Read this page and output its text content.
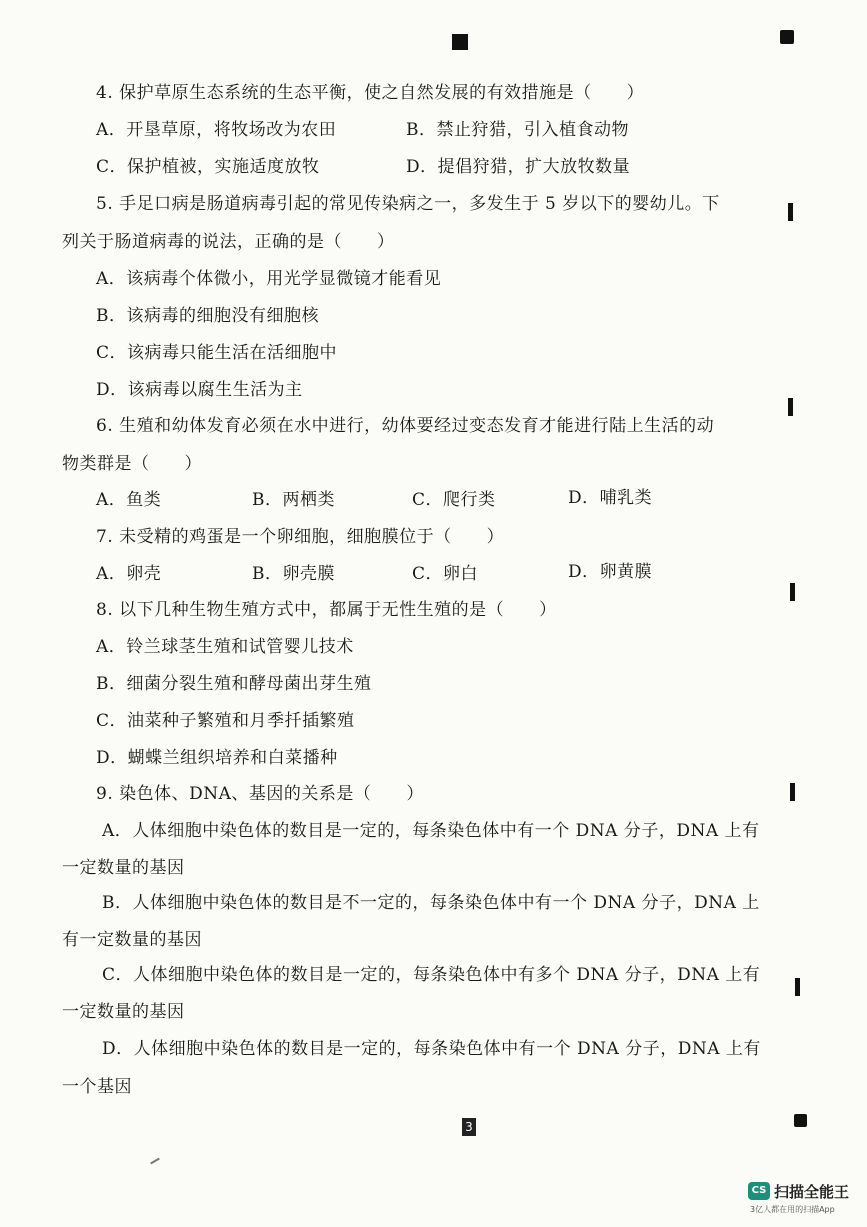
4. 保护草原生态系统的生态平衡，使之自然发展的有效措施是（　　）
A．开垦草原，将牧场改为农田	B．禁止狩猎，引入植食动物
C．保护植被，实施适度放牧	D．提倡狩猎，扩大放牧数量
5. 手足口病是肠道病毒引起的常见传染病之一，多发生于 5 岁以下的婴幼儿。下
列关于肠道病毒的说法，正确的是（　　）
A．该病毒个体微小，用光学显微镜才能看见
B．该病毒的细胞没有细胞核
C．该病毒只能生活在活细胞中
D．该病毒以腐生生活为主
6. 生殖和幼体发育必须在水中进行，幼体要经过变态发育才能进行陆上生活的动
物类群是（　　）
A．鱼类	B．两栖类	C．爬行类	D．哺乳类
7. 未受精的鸡蛋是一个卵细胞，细胞膜位于（　　）
A．卵壳	B．卵壳膜	C．卵白	D．卵黄膜
8. 以下几种生物生殖方式中，都属于无性生殖的是（　　）
A．铃兰球茎生殖和试管婴儿技术
B．细菌分裂生殖和酵母菌出芽生殖
C．油菜种子繁殖和月季扦插繁殖
D．蝴蝶兰组织培养和白菜播种
9. 染色体、DNA、基因的关系是（　　）
A．人体细胞中染色体的数目是一定的，每条染色体中有一个 DNA 分子，DNA 上有
一定数量的基因
B．人体细胞中染色体的数目是不一定的，每条染色体中有一个 DNA 分子，DNA 上
有一定数量的基因
C．人体细胞中染色体的数目是一定的，每条染色体中有多个 DNA 分子，DNA 上有
一定数量的基因
D．人体细胞中染色体的数目是一定的，每条染色体中有一个 DNA 分子，DNA 上有
一个基因
3
CS 扫描全能王
3亿人都在用的扫描App
